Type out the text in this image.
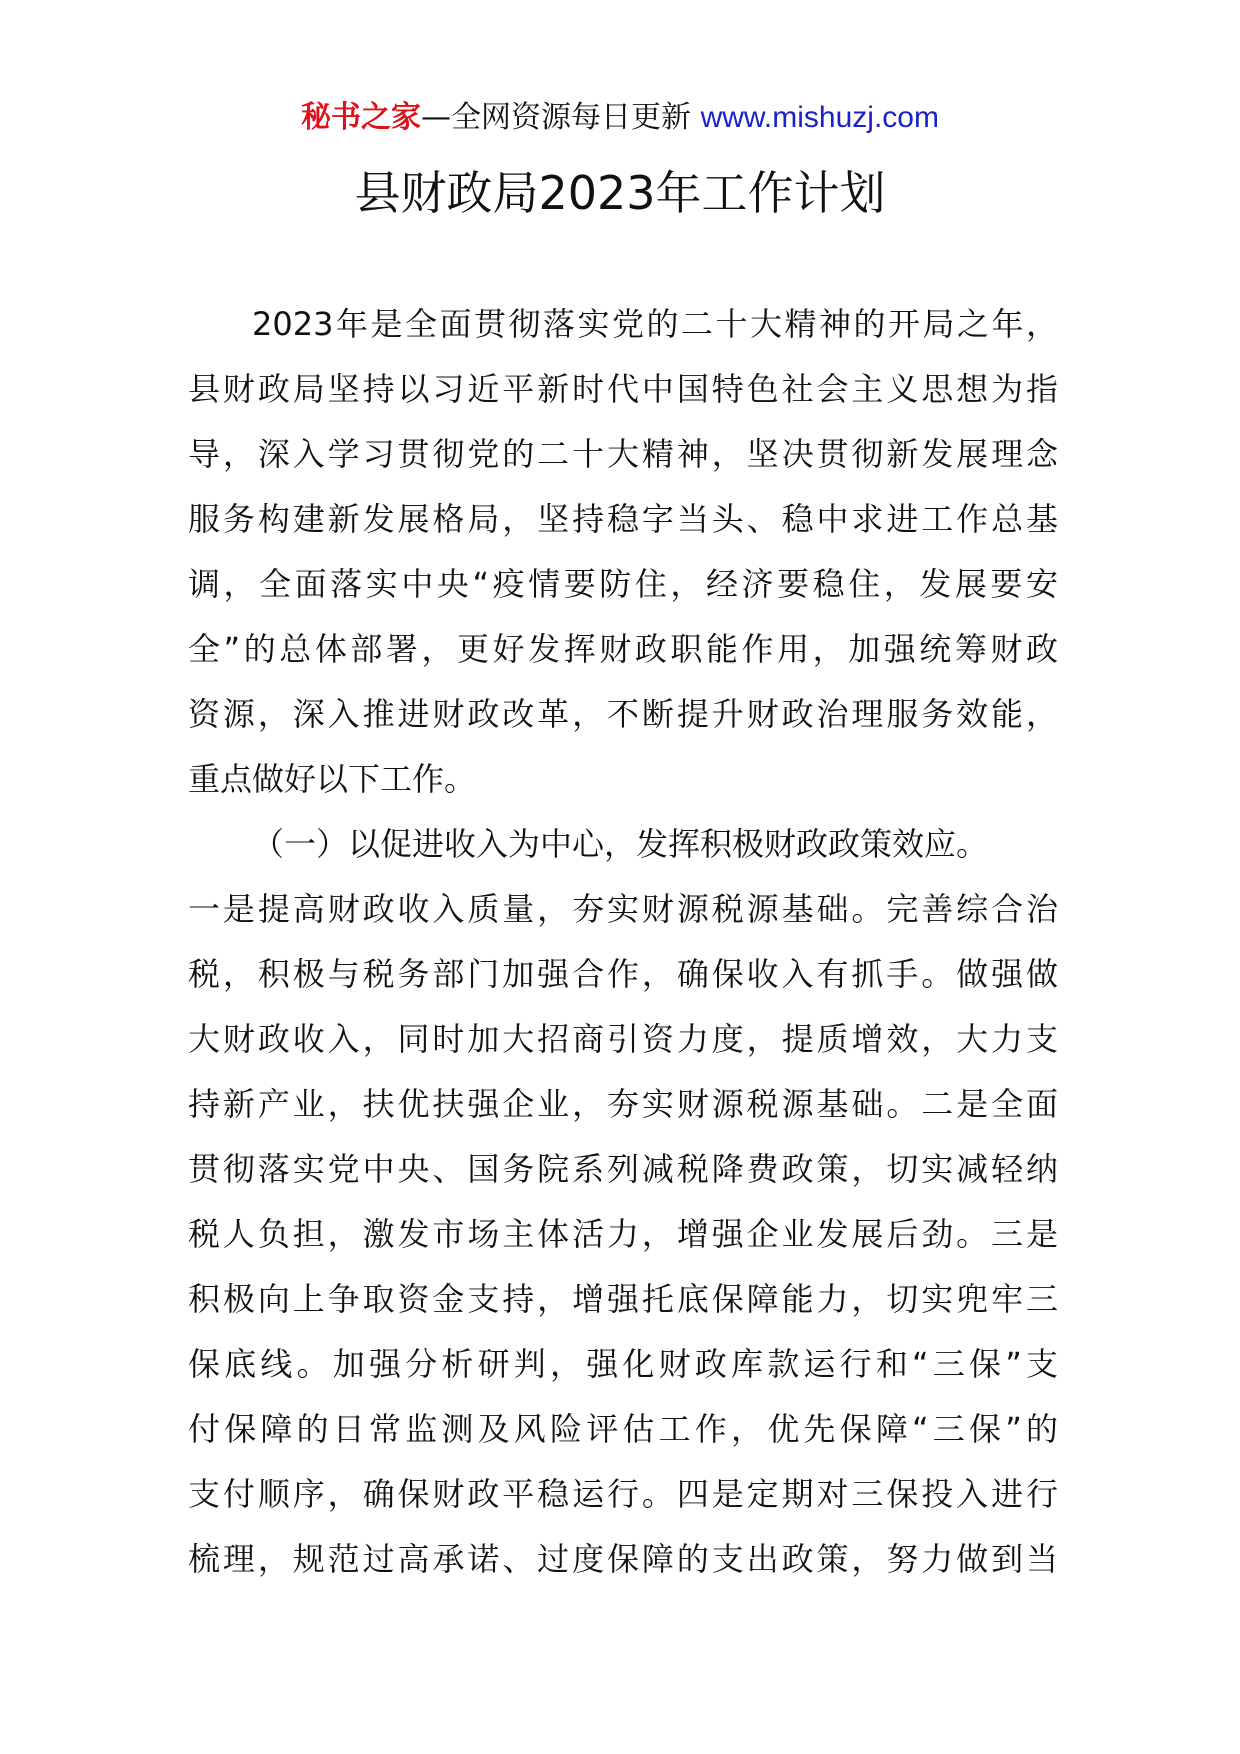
秘书之家—全网资源每日更新 www.mishuzj.com
县财政局2023年工作计划
2023年是全面贯彻落实党的二十大精神的开局之年，
县财政局坚持以习近平新时代中国特色社会主义思想为指
导，深入学习贯彻党的二十大精神，坚决贯彻新发展理念
服务构建新发展格局，坚持稳字当头、稳中求进工作总基
调，全面落实中央“疫情要防住，经济要稳住，发展要安
全”的总体部署，更好发挥财政职能作用，加强统筹财政
资源，深入推进财政改革，不断提升财政治理服务效能，
重点做好以下工作。
（一）以促进收入为中心，发挥积极财政政策效应。
一是提高财政收入质量，夯实财源税源基础。完善综合治
税，积极与税务部门加强合作，确保收入有抓手。做强做
大财政收入，同时加大招商引资力度，提质增效，大力支
持新产业，扶优扶强企业，夯实财源税源基础。二是全面
贯彻落实党中央、国务院系列减税降费政策，切实减轻纳
税人负担，激发市场主体活力，增强企业发展后劲。三是
积极向上争取资金支持，增强托底保障能力，切实兜牢三
保底线。加强分析研判，强化财政库款运行和“三保”支
付保障的日常监测及风险评估工作，优先保障“三保”的
支付顺序，确保财政平稳运行。四是定期对三保投入进行
梳理，规范过高承诺、过度保障的支出政策，努力做到当
